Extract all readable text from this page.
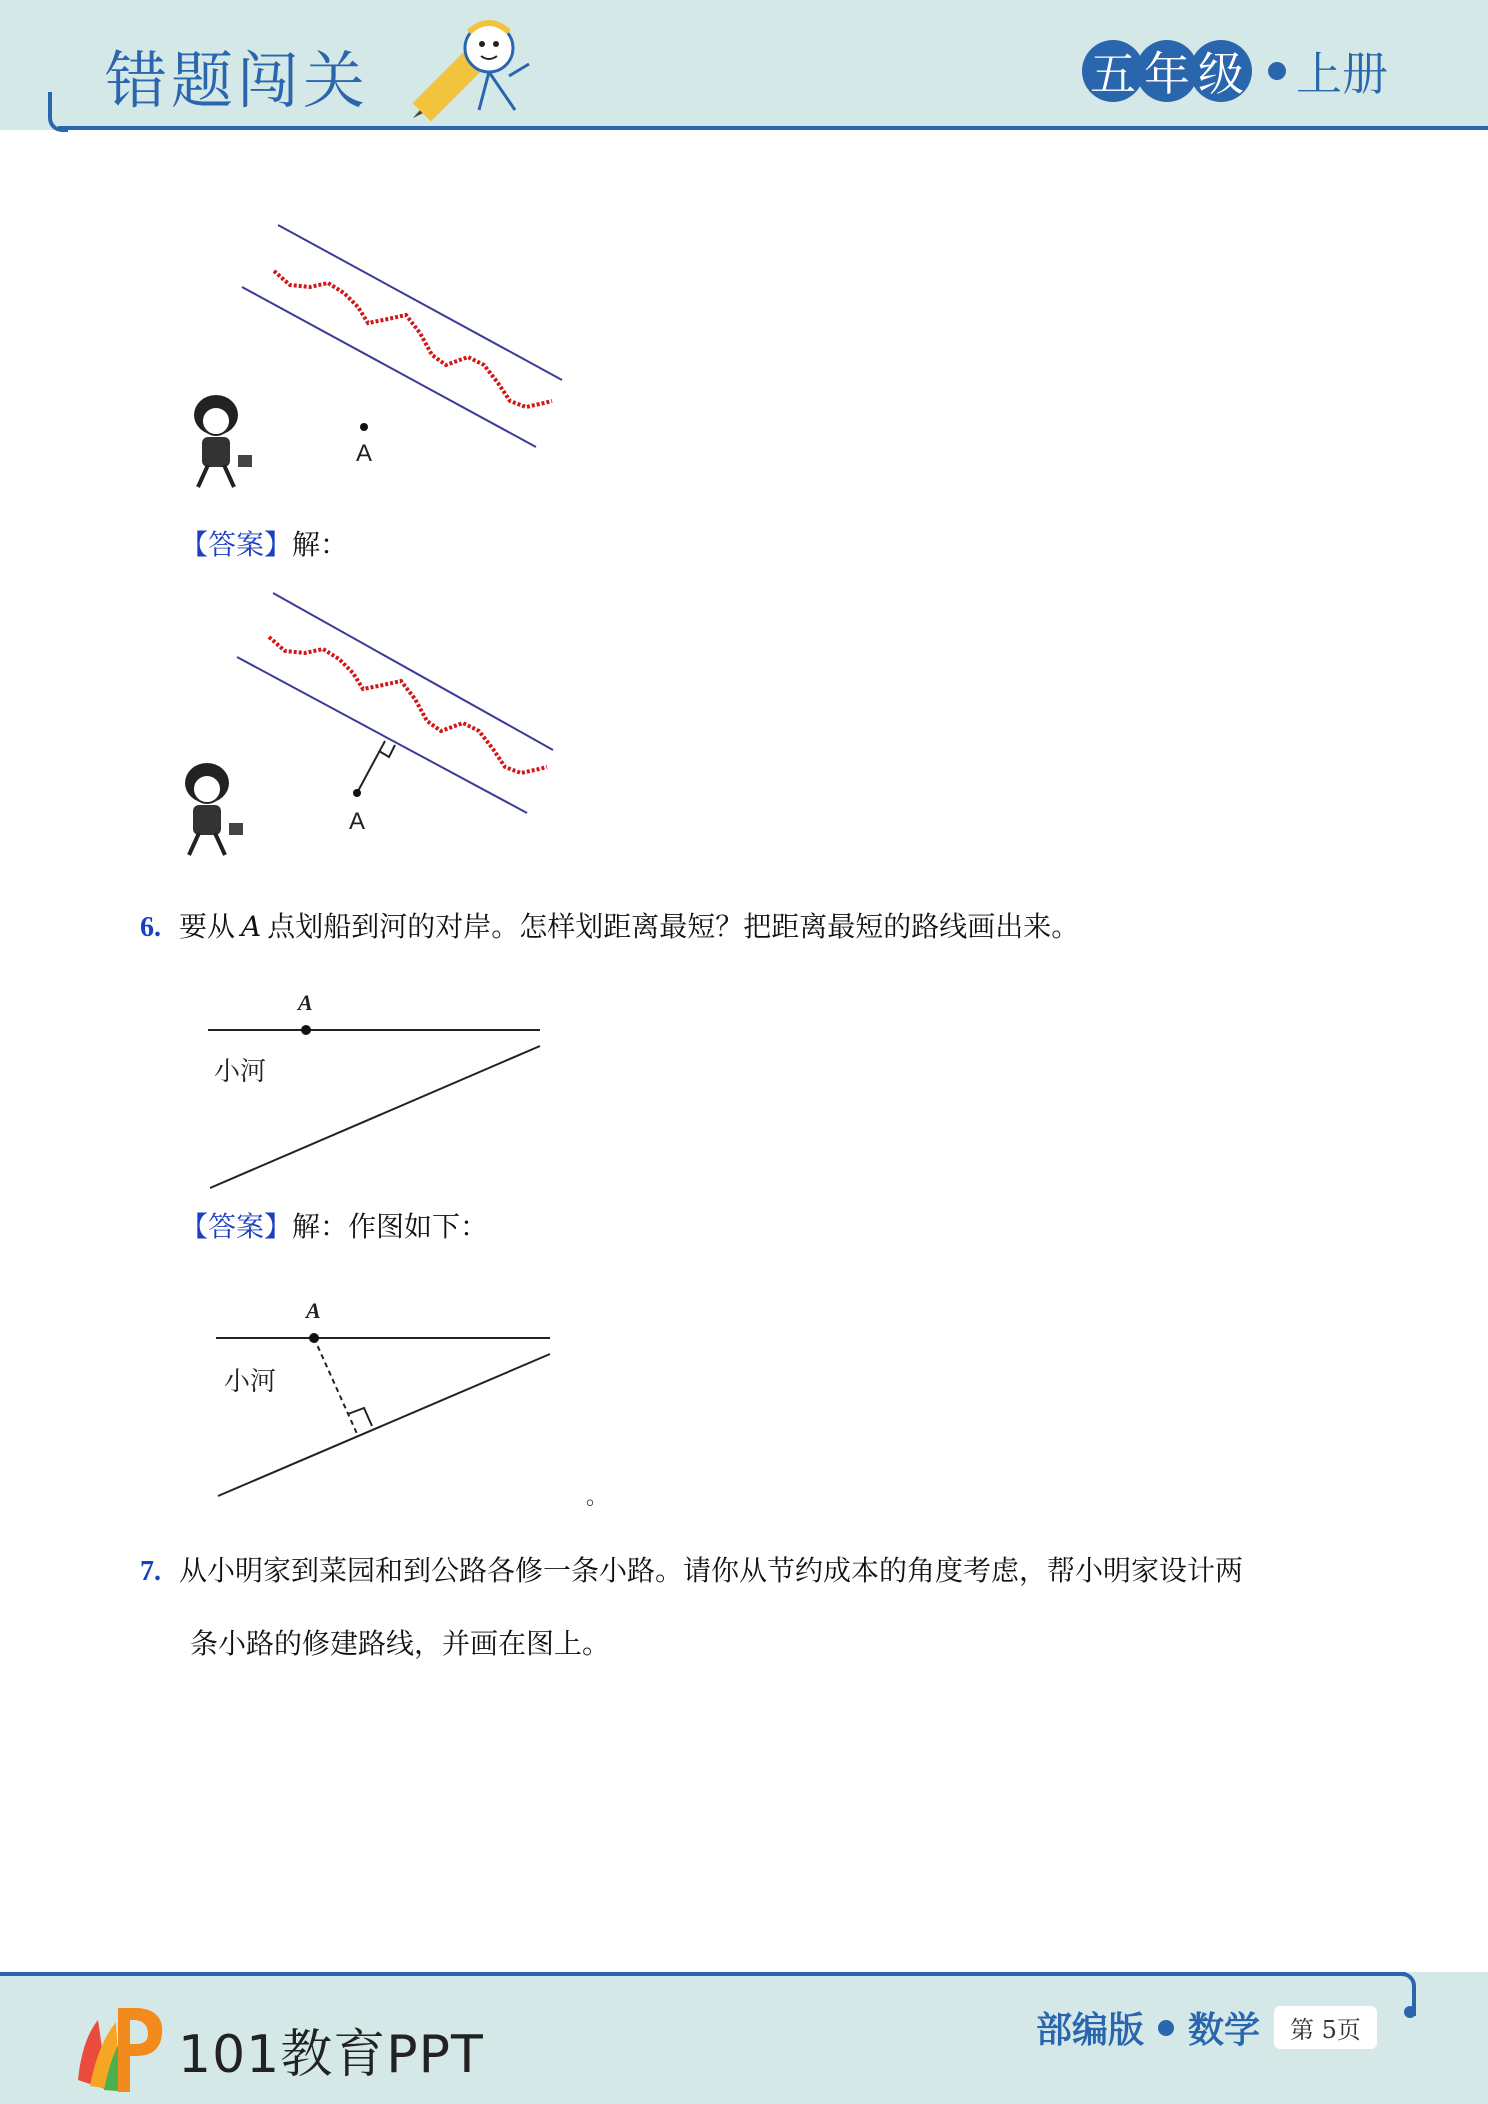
错题闯关	五 年 级 上册
A
【答案】解：
A
6. 要从 A 点划船到河的对岸。怎样划距离最短？把距离最短的路线画出来。
A
小河
【答案】解：作图如下：
A
小河
。
7. 从小明家到菜园和到公路各修一条小路。请你从节约成本的角度考虑，帮小明家设计两
条小路的修建路线，并画在图上。
101教育PPT	部编版 数学	第 5页
